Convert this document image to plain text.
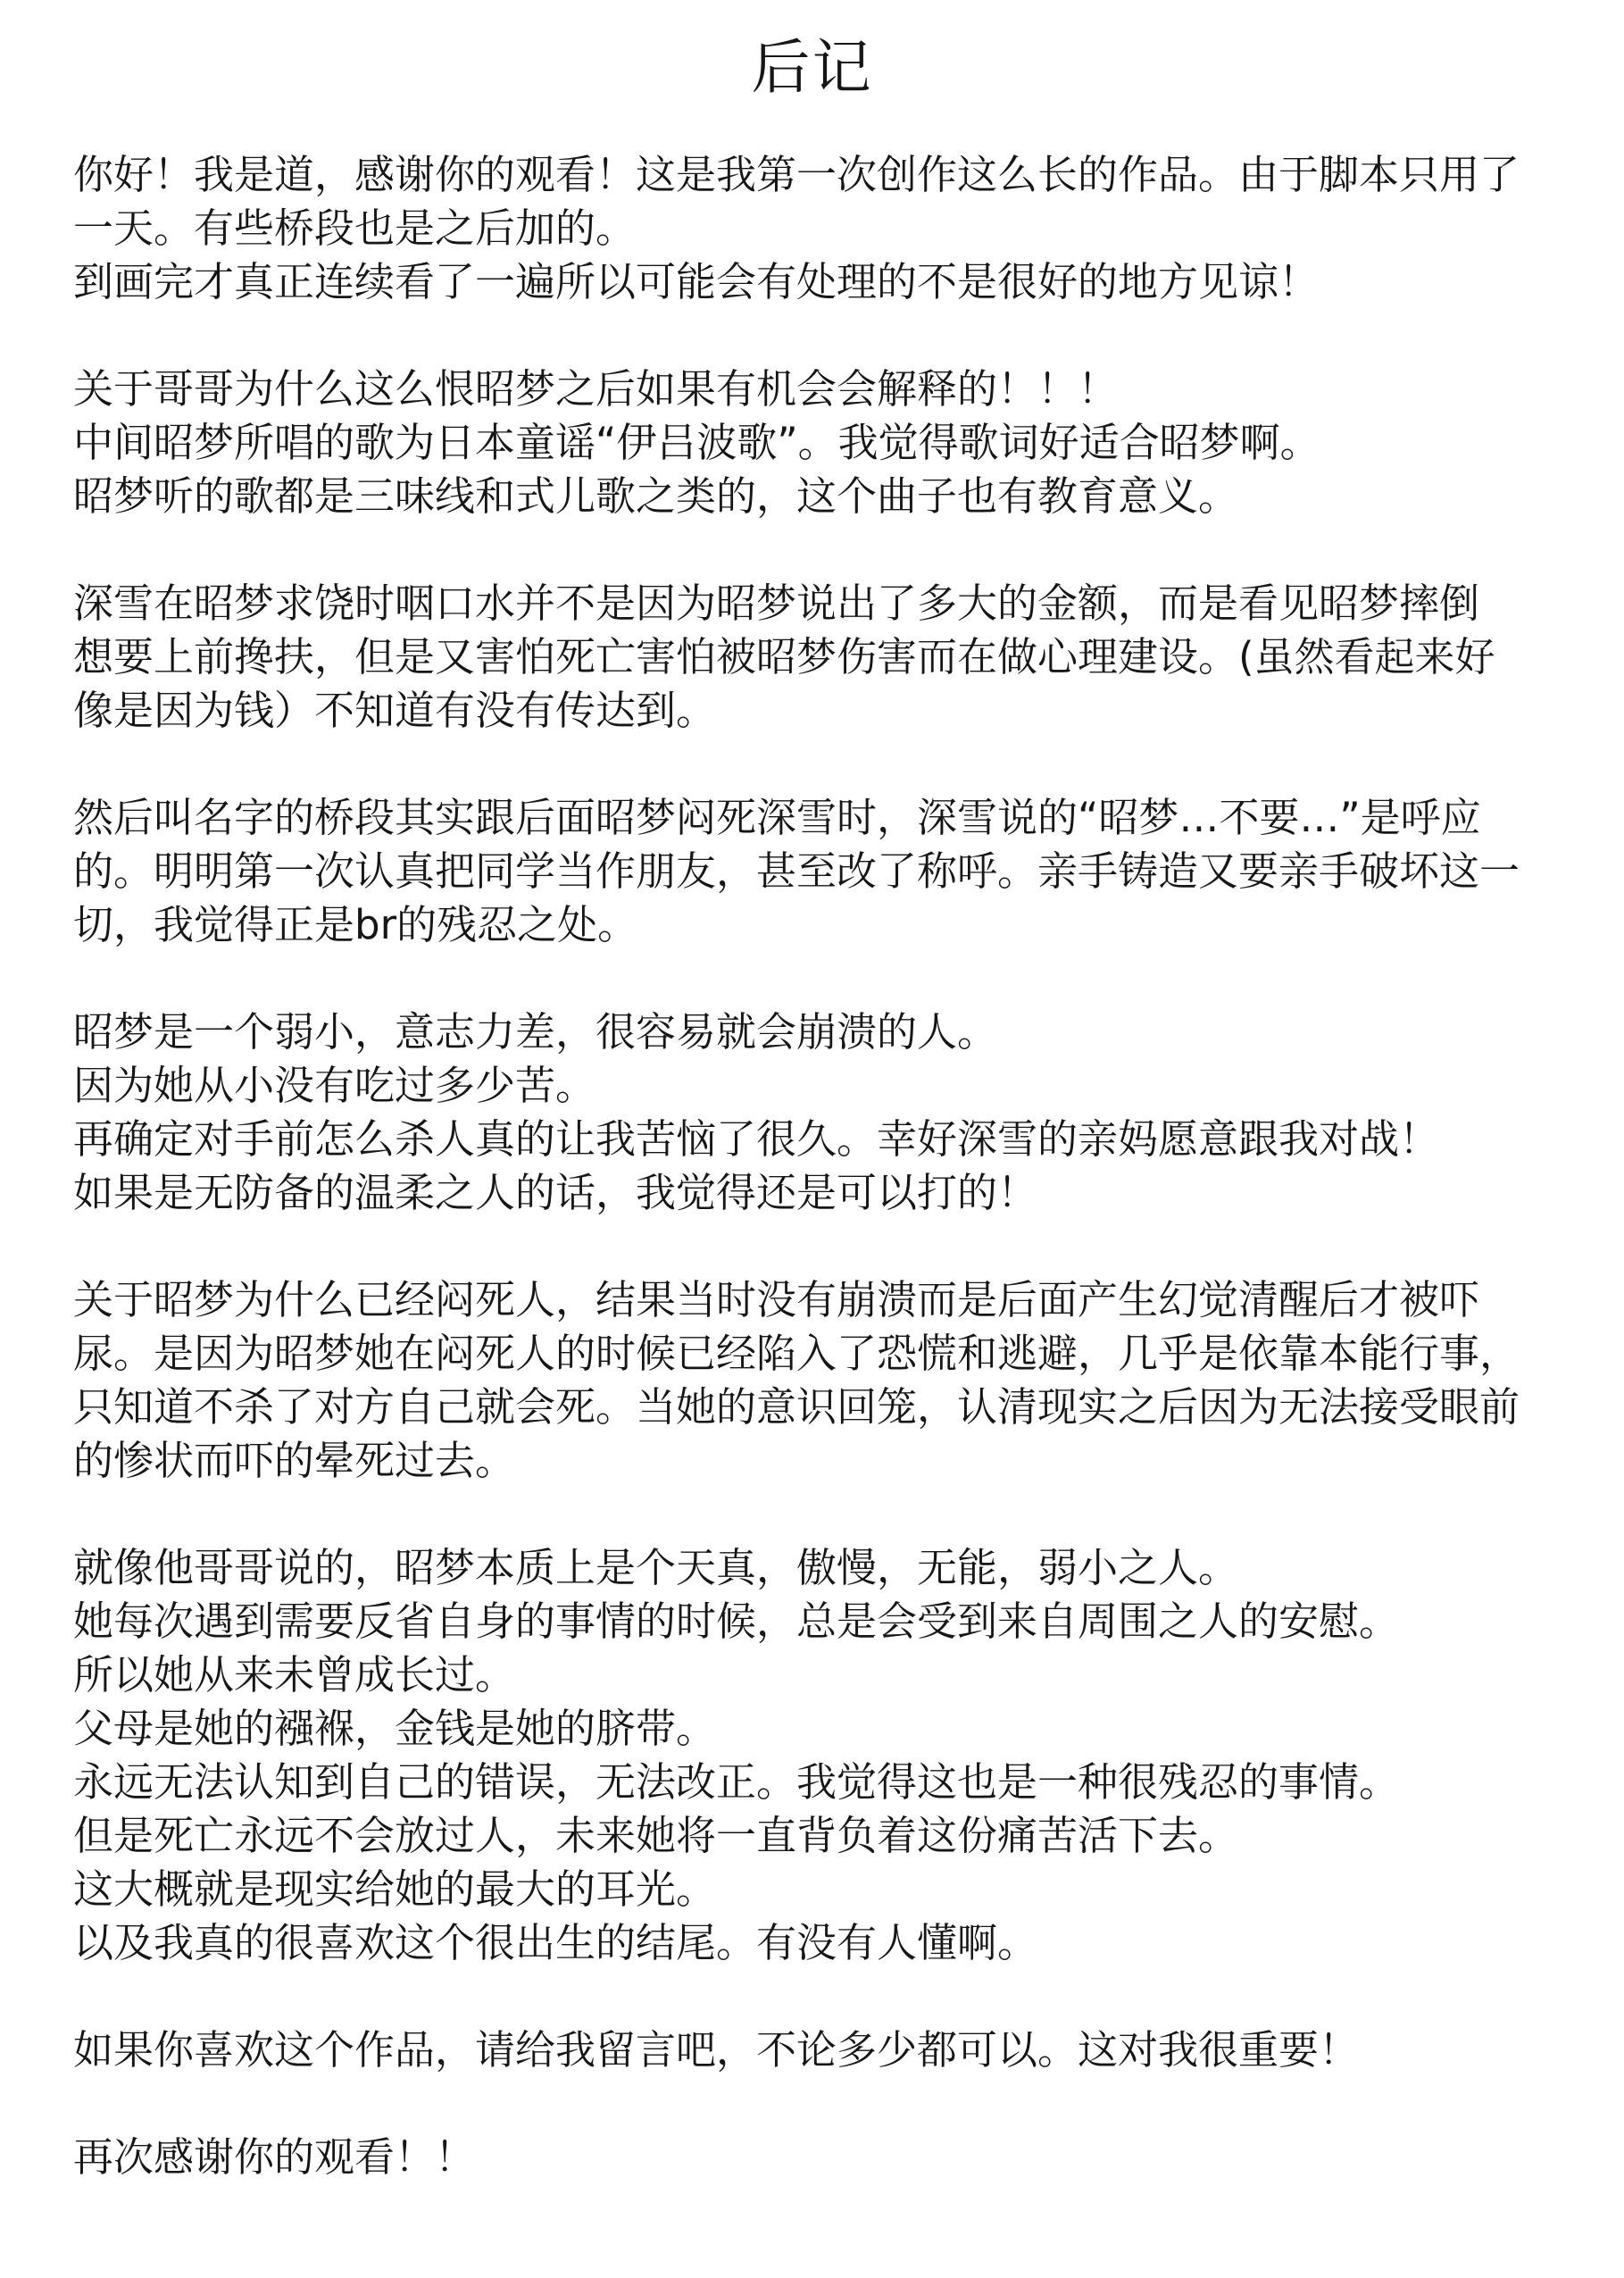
后记
你好！我是道，感谢你的观看！这是我第一次创作这么长的作品。由于脚本只用了
一天。有些桥段也是之后加的。
到画完才真正连续看了一遍所以可能会有处理的不是很好的地方见谅！
关于哥哥为什么这么恨昭梦之后如果有机会会解释的！！！
中间昭梦所唱的歌为日本童谣“伊吕波歌”。我觉得歌词好适合昭梦啊。
昭梦听的歌都是三味线和式儿歌之类的，这个曲子也有教育意义。
深雪在昭梦求饶时咽口水并不是因为昭梦说出了多大的金额，而是看见昭梦摔倒
想要上前搀扶，但是又害怕死亡害怕被昭梦伤害而在做心理建设。(虽然看起来好
像是因为钱）不知道有没有传达到。
然后叫名字的桥段其实跟后面昭梦闷死深雪时，深雪说的“昭梦…不要…”是呼应
的。明明第一次认真把同学当作朋友，甚至改了称呼。亲手铸造又要亲手破坏这一
切，我觉得正是br的残忍之处。
昭梦是一个弱小，意志力差，很容易就会崩溃的人。
因为她从小没有吃过多少苦。
再确定对手前怎么杀人真的让我苦恼了很久。幸好深雪的亲妈愿意跟我对战！
如果是无防备的温柔之人的话，我觉得还是可以打的！
关于昭梦为什么已经闷死人，结果当时没有崩溃而是后面产生幻觉清醒后才被吓
尿。是因为昭梦她在闷死人的时候已经陷入了恐慌和逃避，几乎是依靠本能行事，
只知道不杀了对方自己就会死。当她的意识回笼，认清现实之后因为无法接受眼前
的惨状而吓的晕死过去。
就像他哥哥说的，昭梦本质上是个天真，傲慢，无能，弱小之人。
她每次遇到需要反省自身的事情的时候，总是会受到来自周围之人的安慰。
所以她从来未曾成长过。
父母是她的襁褓，金钱是她的脐带。
永远无法认知到自己的错误，无法改正。我觉得这也是一种很残忍的事情。
但是死亡永远不会放过人，未来她将一直背负着这份痛苦活下去。
这大概就是现实给她的最大的耳光。
以及我真的很喜欢这个很出生的结尾。有没有人懂啊。
如果你喜欢这个作品，请给我留言吧，不论多少都可以。这对我很重要！
再次感谢你的观看！！
